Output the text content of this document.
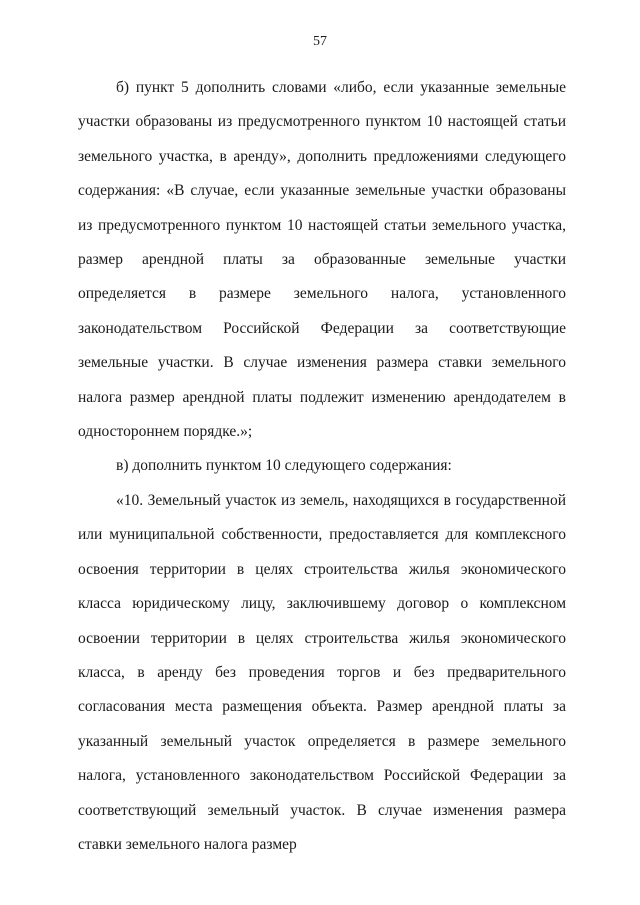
57

б) пункт 5 дополнить словами «либо, если указанные земельные участки образованы из предусмотренного пунктом 10 настоящей статьи земельного участка, в аренду», дополнить предложениями следующего содержания: «В случае, если указанные земельные участки образованы из предусмотренного пунктом 10 настоящей статьи земельного участка, размер арендной платы за образованные земельные участки определяется в размере земельного налога, установленного законодательством Российской Федерации за соответствующие земельные участки. В случае изменения размера ставки земельного налога размер арендной платы подлежит изменению арендодателем в одностороннем порядке.»;

в) дополнить пунктом 10 следующего содержания:

«10. Земельный участок из земель, находящихся в государственной или муниципальной собственности, предоставляется для комплексного освоения территории в целях строительства жилья экономического класса юридическому лицу, заключившему договор о комплексном освоении территории в целях строительства жилья экономического класса, в аренду без проведения торгов и без предварительного согласования места размещения объекта. Размер арендной платы за указанный земельный участок определяется в размере земельного налога, установленного законодательством Российской Федерации за соответствующий земельный участок. В случае изменения размера ставки земельного налога размер
